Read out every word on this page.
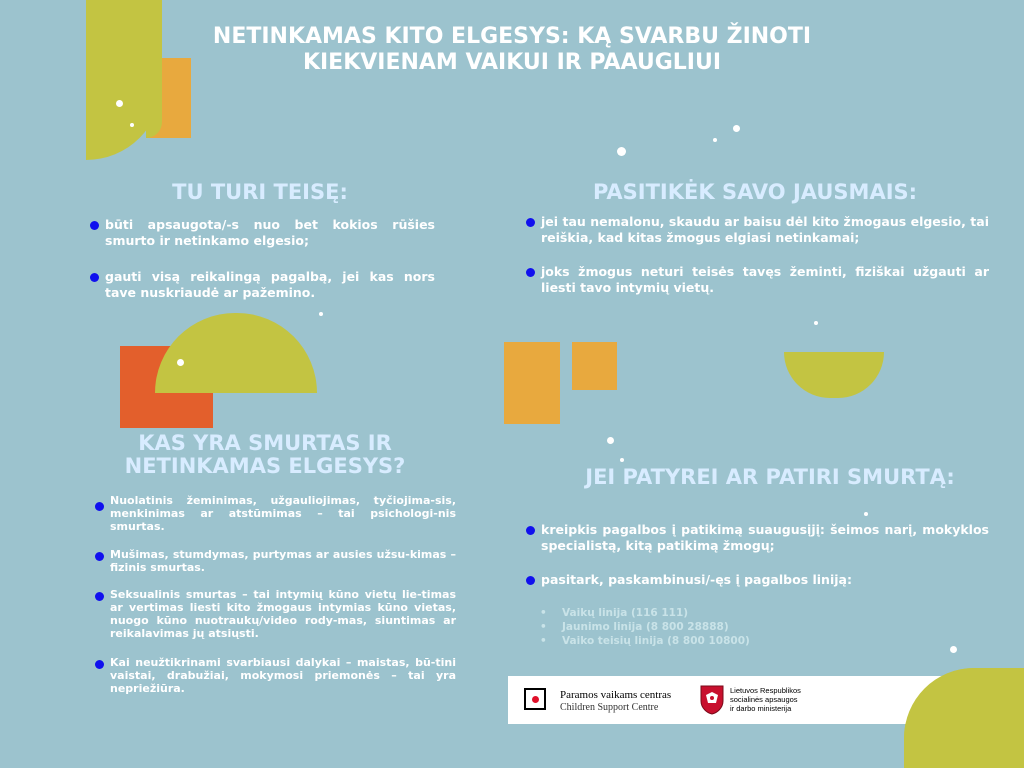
NETINKAMAS KITO ELGESYS: KĄ SVARBU ŽINOTI
KIEKVIENAM VAIKUI IR PAAUGLIUI
TU TURI TEISĘ:
būti apsaugota/-s nuo bet kokios rūšies smurto ir netinkamo elgesio;
gauti visą reikalingą pagalbą, jei kas nors tave nuskriaudė ar pažemino.
PASITIKĖK SAVO JAUSMAIS:
jei tau nemalonu, skaudu ar baisu dėl kito žmogaus elgesio, tai reiškia, kad kitas žmogus elgiasi netinkamai;
joks žmogus neturi teisės tavęs žeminti, fiziškai užgauti ar liesti tavo intymių vietų.
KAS YRA SMURTAS IR
NETINKAMAS ELGESYS?
Nuolatinis žeminimas, užgauliojimas, tyčiojima-sis, menkinimas ar atstūmimas – tai psichologi-nis smurtas.
Mušimas, stumdymas, purtymas ar ausies užsu-kimas – fizinis smurtas.
Seksualinis smurtas – tai intymių kūno vietų lie-timas ar vertimas liesti kito žmogaus intymias kūno vietas, nuogo kūno nuotraukų/video rody-mas, siuntimas ar reikalavimas jų atsiųsti.
Kai neužtikrinami svarbiausi dalykai – maistas, bū-tini vaistai, drabužiai, mokymosi priemonės – tai yra nepriežiūra.
JEI PATYREI AR PATIRI SMURTĄ:
kreipkis pagalbos į patikimą suaugusįjį: šeimos narį, mokyklos specialistą, kitą patikimą žmogų;
pasitark, paskambinusi/-ęs į pagalbos liniją:
• Vaikų linija (116 111)
• Jaunimo linija (8 800 28888)
• Vaiko teisių linija (8 800 10800)
Paramos vaikams centras
Children Support Centre
Lietuvos Respublikos
socialinės apsaugos
ir darbo ministerija
